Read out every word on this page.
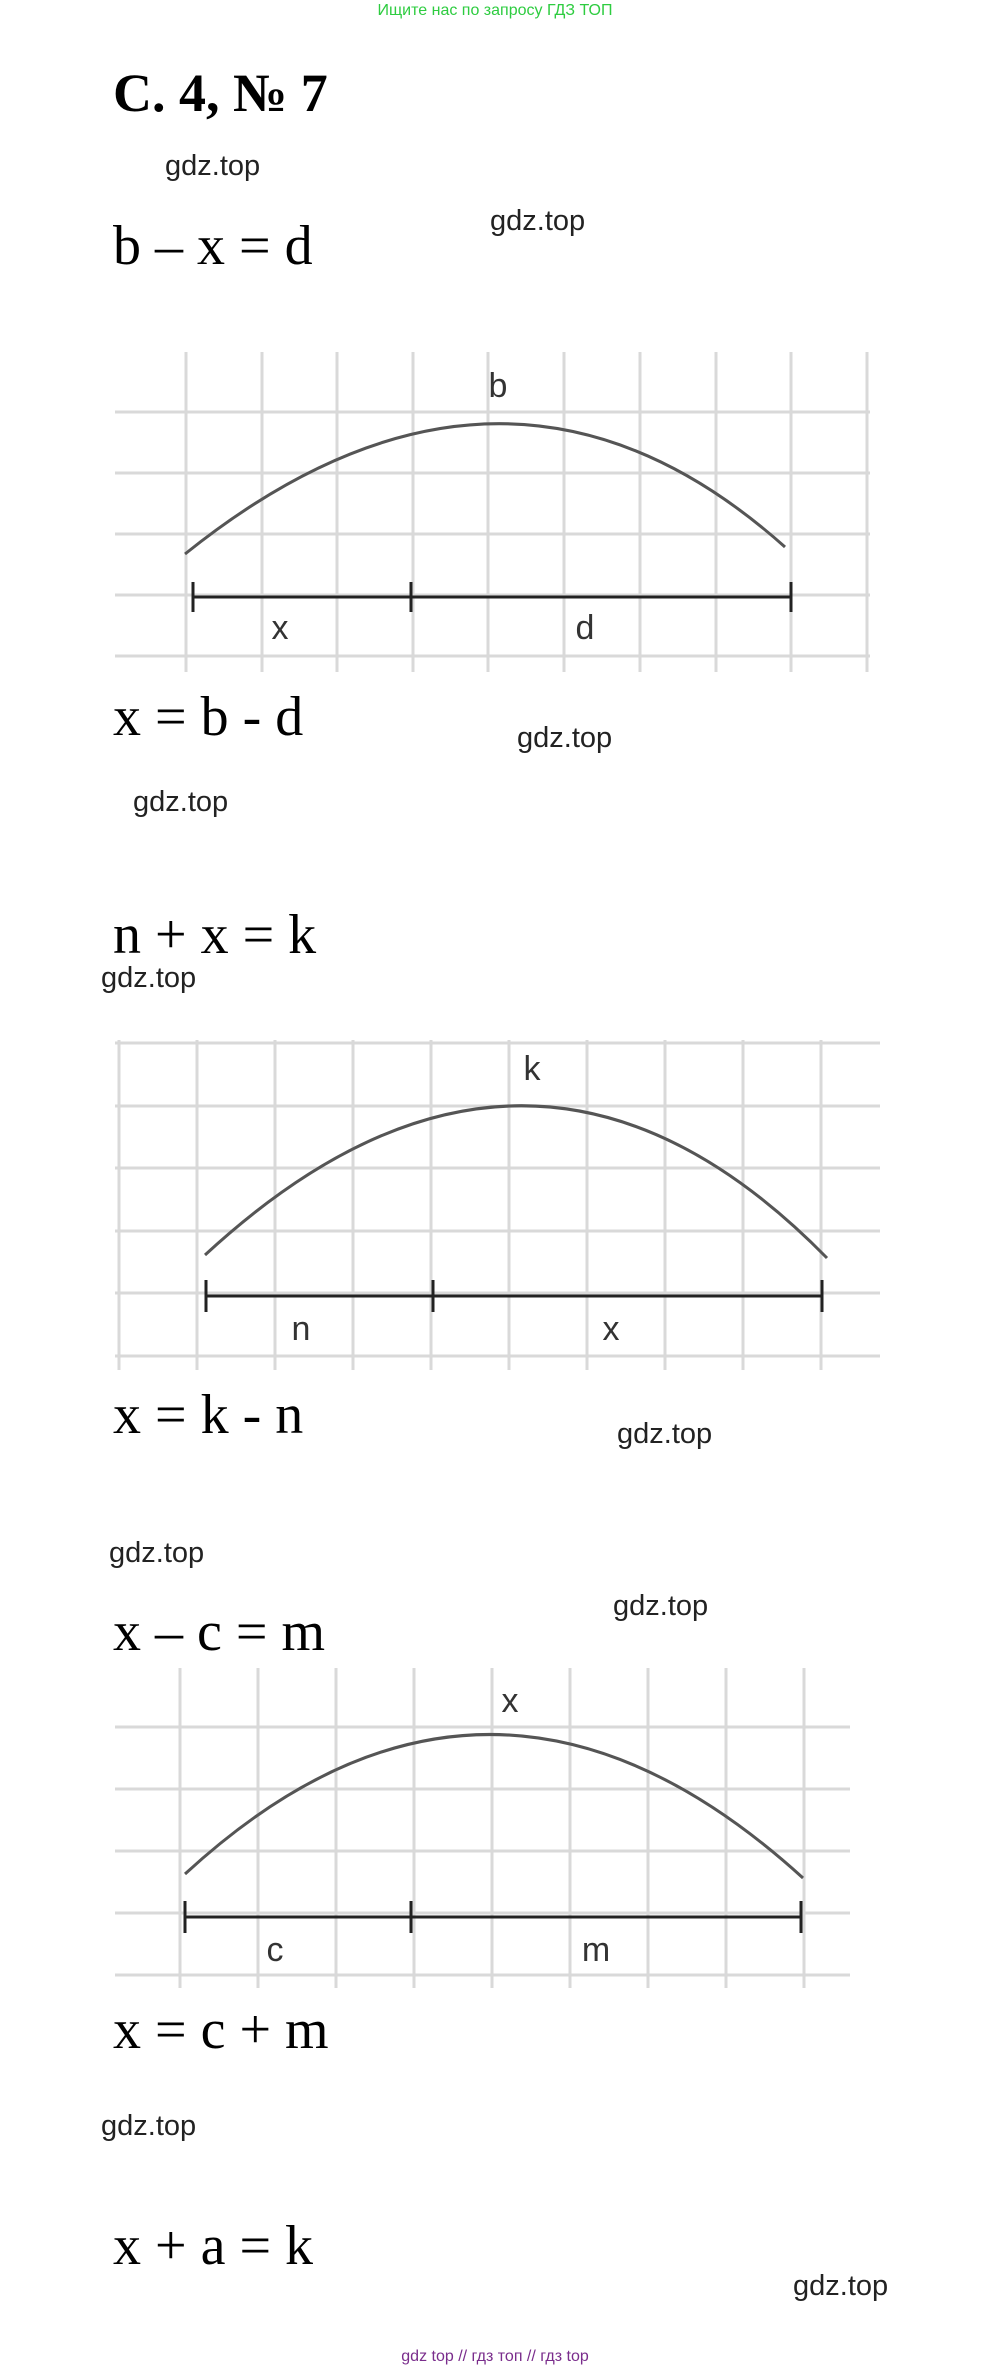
Ищите нас по запросу ГДЗ ТОП
С. 4, № 7
gdz.top
b – x = d	gdz.top
b
x	d
x = b - d	gdz.top
gdz.top
n + x = k
gdz.top
k
n	x
x = k - n	gdz.top
gdz.top
gdz.top
x – c = m
x
c	m
x = c + m
gdz.top
x + a = k
gdz.top
gdz top // гдз топ // гдз top
